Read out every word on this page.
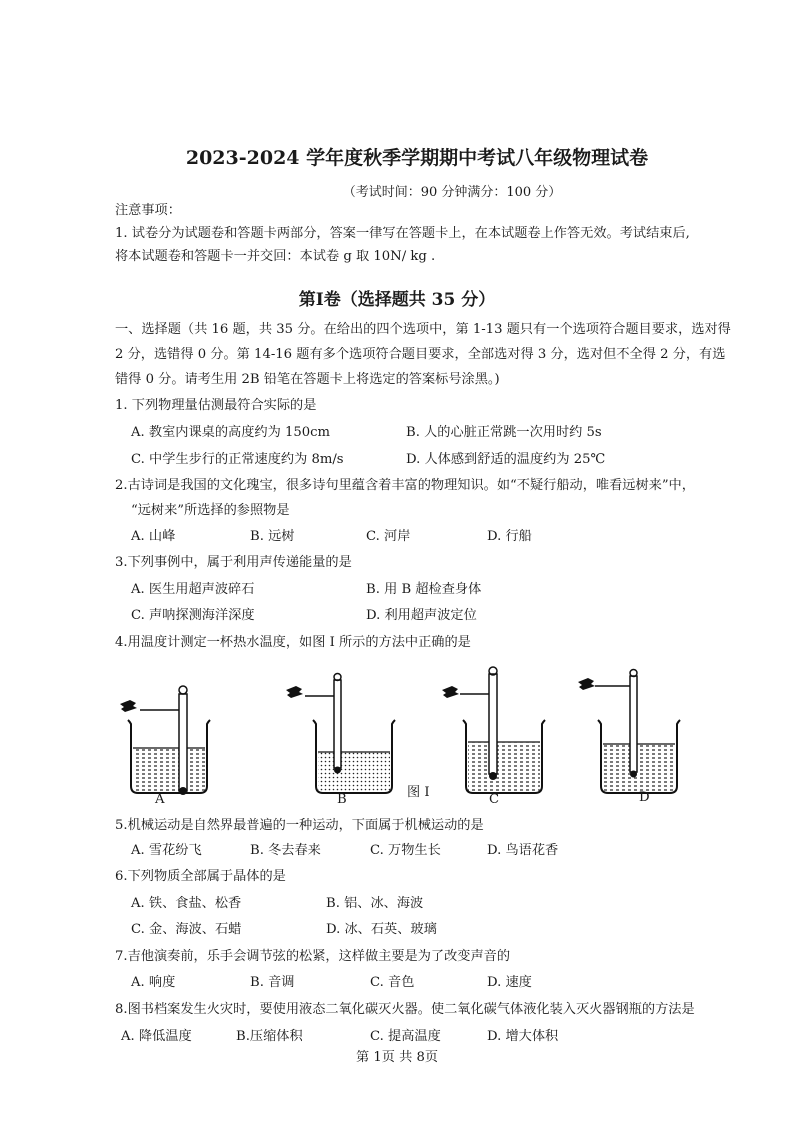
2023-2024 学年度秋季学期期中考试八年级物理试卷
（考试时间：90 分钟满分：100 分）
注意事项：
1. 试卷分为试题卷和答题卡两部分，答案一律写在答题卡上，在本试题卷上作答无效。考试结束后,
将本试题卷和答题卡一并交回：本试卷 g 取 10N/ kg .
第Ⅰ卷（选择题共 35 分）
一、选择题（共 16 题，共 35 分。在给出的四个选项中，第 1-13 题只有一个选项符合题目要求，选对得
2 分，选错得 0 分。第 14-16 题有多个选项符合题目要求，全部选对得 3 分，选对但不全得 2 分，有选
错得 0 分。请考生用 2B 铅笔在答题卡上将选定的答案标号涂黑。)
1. 下列物理量估测最符合实际的是
A. 教室内课桌的高度约为 150cm	B. 人的心脏正常跳一次用时约 5s
C. 中学生步行的正常速度约为 8m/s	D. 人体感到舒适的温度约为 25℃
2.古诗词是我国的文化瑰宝，很多诗句里蕴含着丰富的物理知识。如“不疑行船动，唯看远树来”中，
“远树来”所选择的参照物是
A. 山峰	B. 远树	C. 河岸	D. 行船
3.下列事例中，属于利用声传递能量的是
A. 医生用超声波碎石	B. 用 B 超检查身体
C. 声呐探测海洋深度	D. 利用超声波定位
4.用温度计测定一杯热水温度，如图 I 所示的方法中正确的是
A	B	图 I	C	D
5.机械运动是自然界最普遍的一种运动，下面属于机械运动的是
A. 雪花纷飞	B. 冬去春来	C. 万物生长	D. 鸟语花香
6.下列物质全部属于晶体的是
A. 铁、食盐、松香	B. 铝、冰、海波
C. 金、海波、石蜡	D. 冰、石英、玻璃
7.吉他演奏前，乐手会调节弦的松紧，这样做主要是为了改变声音的
A. 响度	B. 音调	C. 音色	D. 速度
8.图书档案发生火灾时，要使用液态二氧化碳灭火器。使二氧化碳气体液化装入灭火器钢瓶的方法是
A. 降低温度	B.压缩体积	C. 提高温度	D. 增大体积
第 1页 共 8页
